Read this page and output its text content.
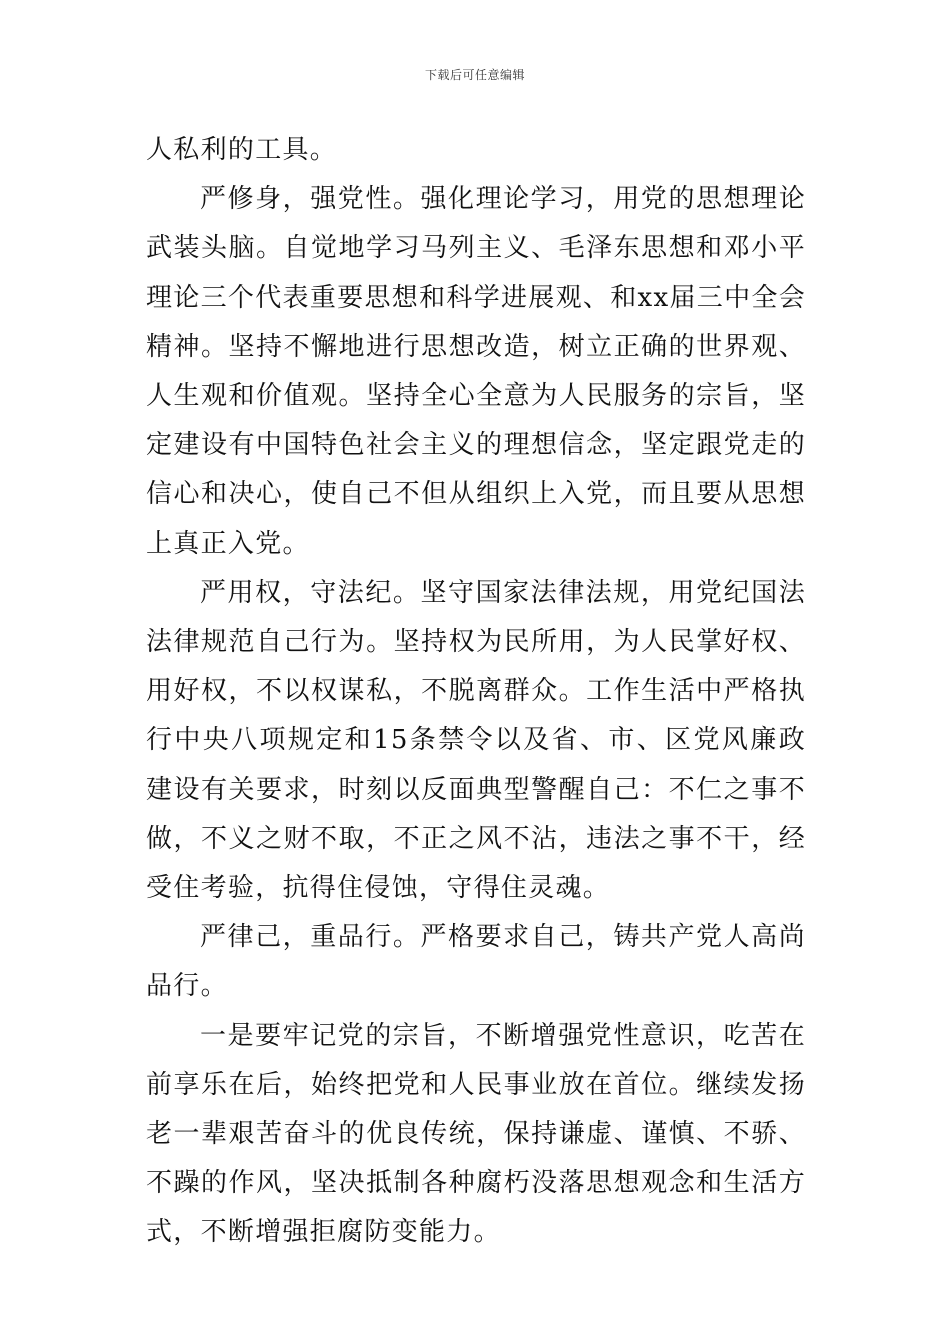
下载后可任意编辑

人私利的工具。

严修身，强党性。强化理论学习，用党的思想理论武装头脑。自觉地学习马列主义、毛泽东思想和邓小平理论三个代表重要思想和科学进展观、和xx届三中全会精神。坚持不懈地进行思想改造，树立正确的世界观、人生观和价值观。坚持全心全意为人民服务的宗旨，坚定建设有中国特色社会主义的理想信念，坚定跟党走的信心和决心，使自己不但从组织上入党，而且要从思想上真正入党。

严用权，守法纪。坚守国家法律法规，用党纪国法法律规范自己行为。坚持权为民所用，为人民掌好权、用好权，不以权谋私，不脱离群众。工作生活中严格执行中央八项规定和15条禁令以及省、市、区党风廉政建设有关要求，时刻以反面典型警醒自己：不仁之事不做，不义之财不取，不正之风不沾，违法之事不干，经受住考验，抗得住侵蚀，守得住灵魂。

严律己，重品行。严格要求自己，铸共产党人高尚品行。

一是要牢记党的宗旨，不断增强党性意识，吃苦在前享乐在后，始终把党和人民事业放在首位。继续发扬老一辈艰苦奋斗的优良传统，保持谦虚、谨慎、不骄、不躁的作风，坚决抵制各种腐朽没落思想观念和生活方式，不断增强拒腐防变能力。
